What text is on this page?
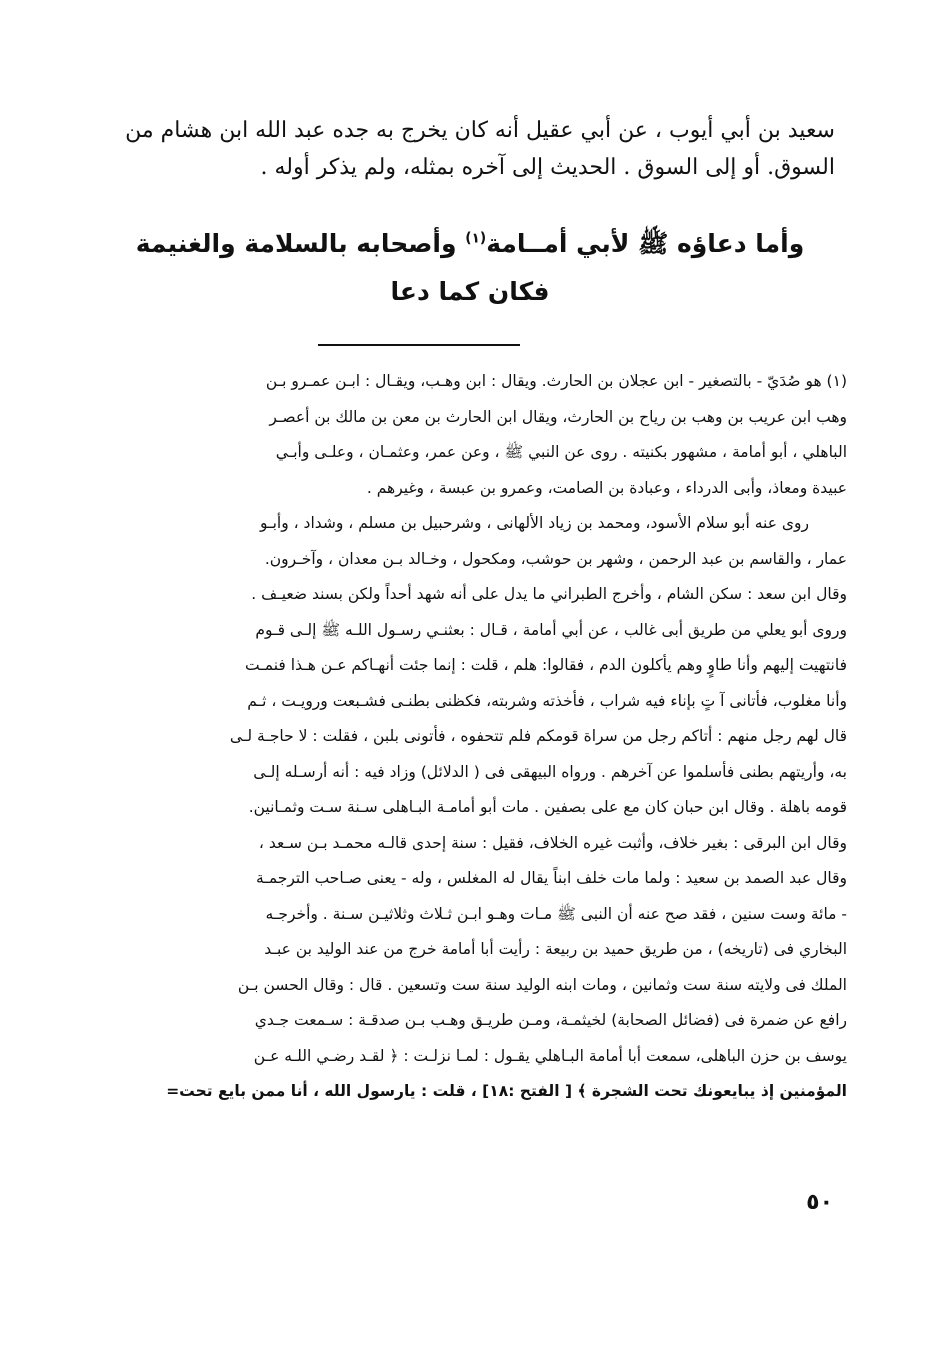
سعيد بن أبي أيوب ، عن أبي عقيل أنه كان يخرج به جده عبد الله ابن هشام من
السوق. أو إلى السوق . الحديث إلى آخره بمثله، ولم يذكر أوله .
وأما دعاؤه ﷺ لأبي أمــامة$^{(١)}$ وأصحابه بالسلامة والغنيمة
فكان كما دعا
(١) هو صُدَيّ - بالتصغير - ابن عجلان بن الحارث. ويقال : ابن وهـب، ويقـال : ابـن عمـرو بـن
وهب ابن عريب بن وهب بن رياح بن الحارث، ويقال ابن الحارث بن معن بن مالك بن أعصـر
الباهلي ، أبو أمامة ، مشهور بكنيته . روى عن النبي ﷺ ، وعن عمر، وعثمـان ، وعلـى وأبـي
عبيدة ومعاذ، وأبى الدرداء ، وعبادة بن الصامت، وعمرو بن عبسة ، وغيرهم .
روى عنه أبو سلام الأسود، ومحمد بن زياد الألهانى ، وشرحبيل بن مسلم ، وشداد ، وأبـو
عمار ، والقاسم بن عبد الرحمن ، وشهر بن حوشب، ومكحول ، وخـالد بـن معدان ، وآخـرون.
وقال ابن سعد : سكن الشام ، وأخرج الطبراني ما يدل على أنه شهد أحداً ولكن بسند ضعيـف .
وروى أبو يعلي من طريق أبى غالب ، عن أبي أمامة ، قـال : بعثنـي رسـول اللـه ﷺ إلـى قـوم
فانتهيت إليهم وأنا طاوٍ وهم يأكلون الدم ، فقالوا: هلم ، قلت : إنما جئت أنهـاكم عـن هـذا فنمـت
وأنا مغلوب، فأتانى آ تٍ بإناء فيه شراب ، فأخذته وشربته، فكظنى بطنـى فشـبعت ورويـت ، ثـم
قال لهم رجل منهم : أتاكم رجل من سراة قومكم فلم تتحفوه ، فأتونى بلبن ، فقلت : لا حاجـة لـى
به، وأريتهم بطنى فأسلموا عن آخرهم . ورواه البيهقى فى ( الدلائل) وزاد فيه : أنه أرسـله إلـى
قومه باهلة . وقال ابن حبان كان مع على بصفين . مات أبو أمامـة البـاهلى سـنة سـت وثمـانين.
وقال ابن البرقى : بغير خلاف، وأثبت غيره الخلاف، فقيل : سنة إحدى قالـه محمـد بـن سـعد ،
وقال عبد الصمد بن سعيد : ولما مات خلف ابناً يقال له المغلس ، وله - يعنى صـاحب الترجمـة
- مائة وست سنين ، فقد صح عنه أن النبى ﷺ مـات وهـو ابـن ثـلاث وثلاثيـن سـنة . وأخرجـه
البخاري فى (تاريخه) ، من طريق حميد بن ربيعة : رأيت أبا أمامة خرج من عند الوليد بن عبـد
الملك فى ولايته سنة ست وثمانين ، ومات ابنه الوليد سنة ست وتسعين . قال : وقال الحسن بـن
رافع عن ضمرة فى (فضائل الصحابة) لخيثمـة، ومـن طريـق وهـب بـن صدقـة : سـمعت جـدي
يوسف بن حزن الباهلى، سمعت أبا أمامة البـاهلي يقـول : لمـا نزلـت : ﴿ لقـد رضـي اللـه عـن
المؤمنين إذ يبايعونك تحت الشجرة ﴾ [ الفتح :١٨] ، قلت : يارسول الله ، أنا ممن بايع تحت=
٥٠
